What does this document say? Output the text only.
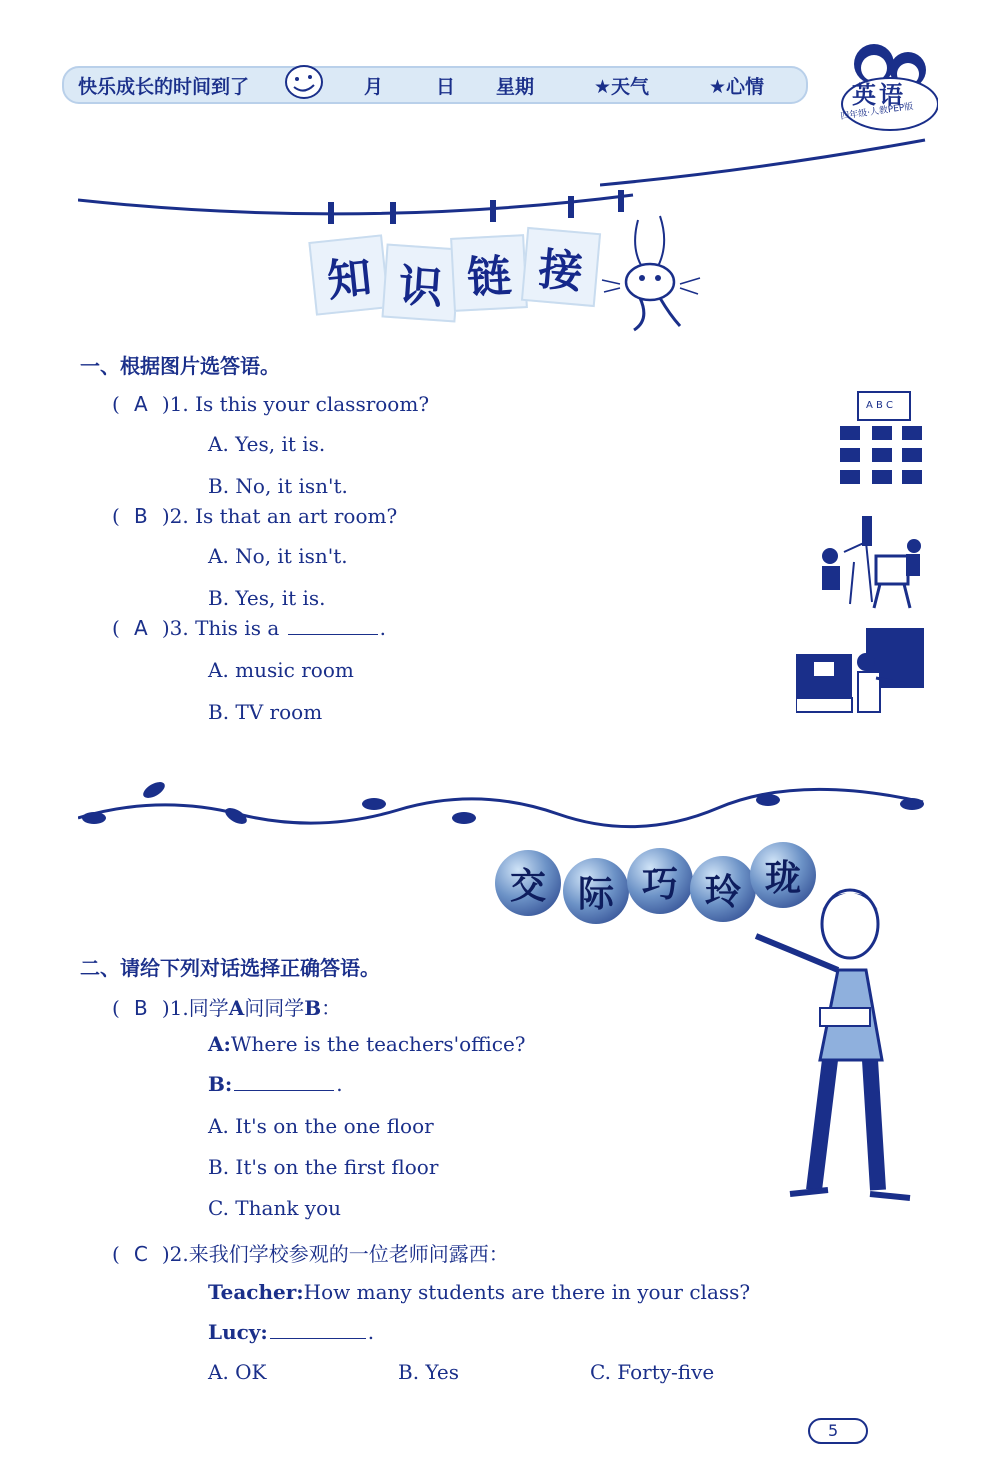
快乐成长的时间到了	月	日 星期	★天气	★心情	英语
四年级·人教PEP版
知 识 链 接
一、根据图片选答语。
( A )1. Is this your classroom?
A. Yes, it is.
B. No, it isn't.
( B )2. Is that an art room?
A. No, it isn't.
B. Yes, it is.
( A )3. This is a	.
A. music room
B. TV room
A B C
交 际 巧 玲 珑
二、请给下列对话选择正确答语。
( B )1.同学A问同学B：
A:Where is the teachers'office?
B:	.
A. It's on the one floor
B. It's on the first floor
C. Thank you
( C )2.来我们学校参观的一位老师问露西：
Teacher:How many students are there in your class?
Lucy:	.
A. OK	B. Yes	C. Forty-five
5
